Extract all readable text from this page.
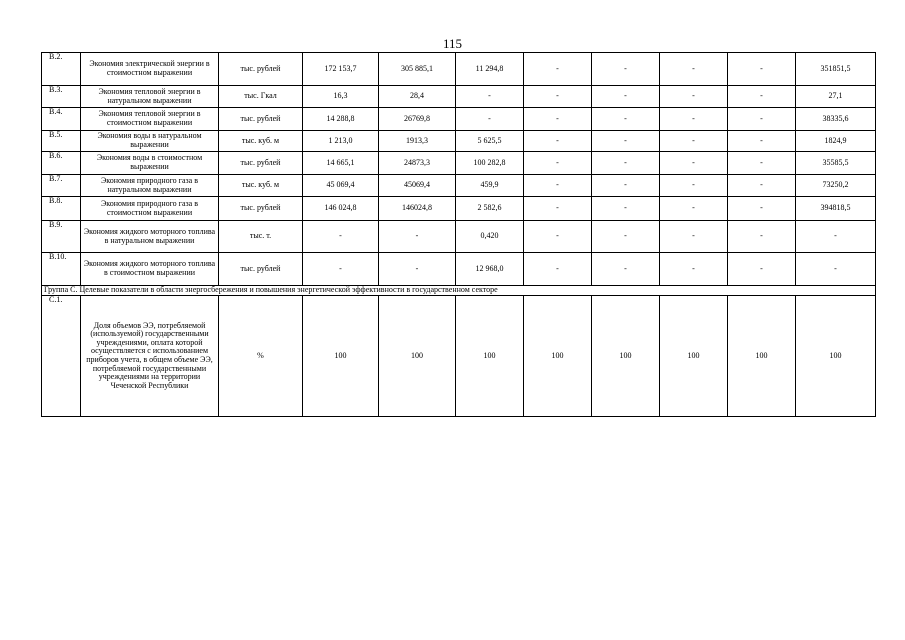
115
В.2.	Экономия электрической энергии в стоимостном выражении	тыс. рублей	172 153,7	305 885,1	11 294,8	-	-	-	-	351851,5
В.3.	Экономия тепловой энергии в натуральном выражении	тыс. Гкал	16,3	28,4	-	-	-	-	-	27,1
В.4.	Экономия тепловой энергии в стоимостном выражении	тыс. рублей	14 288,8	26769,8	-	-	-	-	-	38335,6
В.5.	Экономия воды в натуральном выражении	тыс. куб. м	1 213,0	1913,3	5 625,5	-	-	-	-	1824,9
В.6.	Экономия воды в стоимостном выражении	тыс. рублей	14 665,1	24873,3	100 282,8	-	-	-	-	35585,5
В.7.	Экономия природного газа в натуральном выражении	тыс. куб. м	45 069,4	45069,4	459,9	-	-	-	-	73250,2
В.8.	Экономия природного газа в стоимостном выражении	тыс. рублей	146 024,8	146024,8	2 582,6	-	-	-	-	394818,5
В.9.	Экономия жидкого моторного топлива в натуральном выражении	тыс. т.	-	-	0,420	-	-	-	-	-
В.10.	Экономия жидкого моторного топлива в стоимостном выражении	тыс. рублей	-	-	12 968,0	-	-	-	-	-
Группа С. Целевые показатели в области энергосбережения и повышения энергетической эффективности в государственном секторе										
С.1.	Доля объемов ЭЭ, потребляемой (используемой) государственными учреждениями, оплата которой осуществляется с использованием приборов учета, в общем объеме ЭЭ, потребляемой государственными учреждениями на территории Чеченской Республики	%	100	100	100	100	100	100	100	100
